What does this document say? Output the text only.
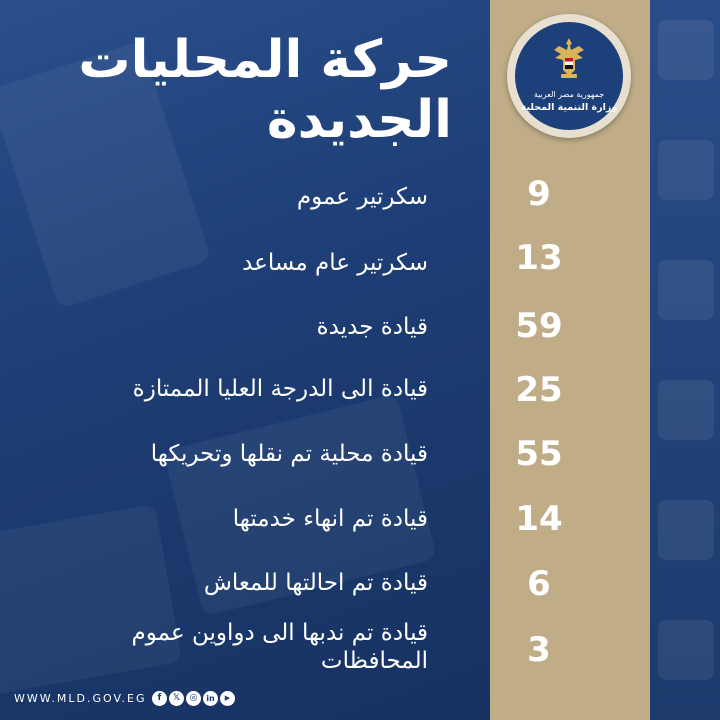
جمهورية مصر العربية
وزارة التنمية المحلية
حركة المحليات
الجديدة
سكرتير عموم	9
سكرتير عام مساعد	13
قيادة جديدة	59
قيادة الى الدرجة العليا الممتازة	25
قيادة محلية تم نقلها وتحريكها	55
قيادة تم انهاء خدمتها	14
قيادة تم احالتها للمعاش	6
قيادة تم ندبها الى دواوين عموم المحافظات	3
WWW.MLD.GOV.EG	f	𝕏	◎	in	▶
